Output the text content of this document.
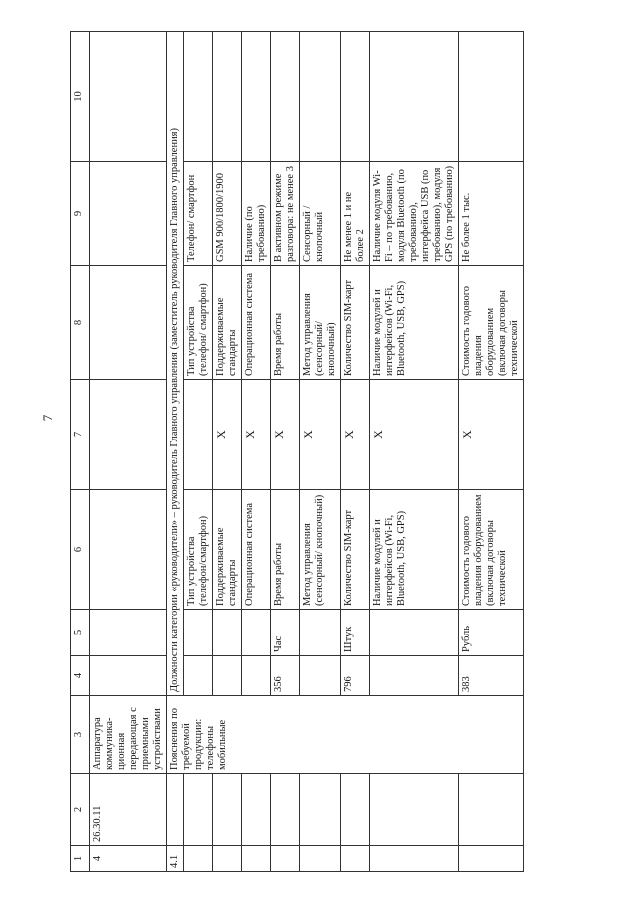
7
1	2	3	4	5	6	7	8	9	10
4	26.30.11	Аппаратура коммуника-ционная передающая с приемными устройствами							
4.1		Пояснения по требуемой продукции: телефоны мобильные	Должности категории «руководители» – руководитель Главного управления (заместитель руководителя Главного управления)						
					Тип устройства (телефон/смартфон)		Тип устройства (телефон/ смартфон)	Телефон/ смартфон	
					Поддерживаемые стандарты	X	Поддерживаемые стандарты	GSM 900/1800/1900	
					Операционная система	X	Операционная система	Наличие (по требованию)	
			356	Час	Время работы	X	Время работы	В активном режиме разговора: не менее 3	
					Метод управления (сенсорный/ кнопочный)	X	Метод управления (сенсорный/ кнопочный)	Сенсорный / кнопочный	
			796	Штук	Количество SIM-карт	X	Количество SIM-карт	Не менее 1 и не более 2	
					Наличие модулей и интерфейсов (Wi-Fi, Bluetooth, USB, GPS)	X	Наличие модулей и интерфейсов (Wi-Fi, Bluetooth, USB, GPS)	Наличие модуля Wi-Fi – по требованию, модуля Bluetooth (по требованию), интерфейса USB (по требованию), модуля GPS (по требованию)	
			383	Рубль	Стоимость годового владения оборудованием (включая договоры технической	X	Стоимость годового владения оборудованием (включая договоры технической	Не более 1 тыс.	
